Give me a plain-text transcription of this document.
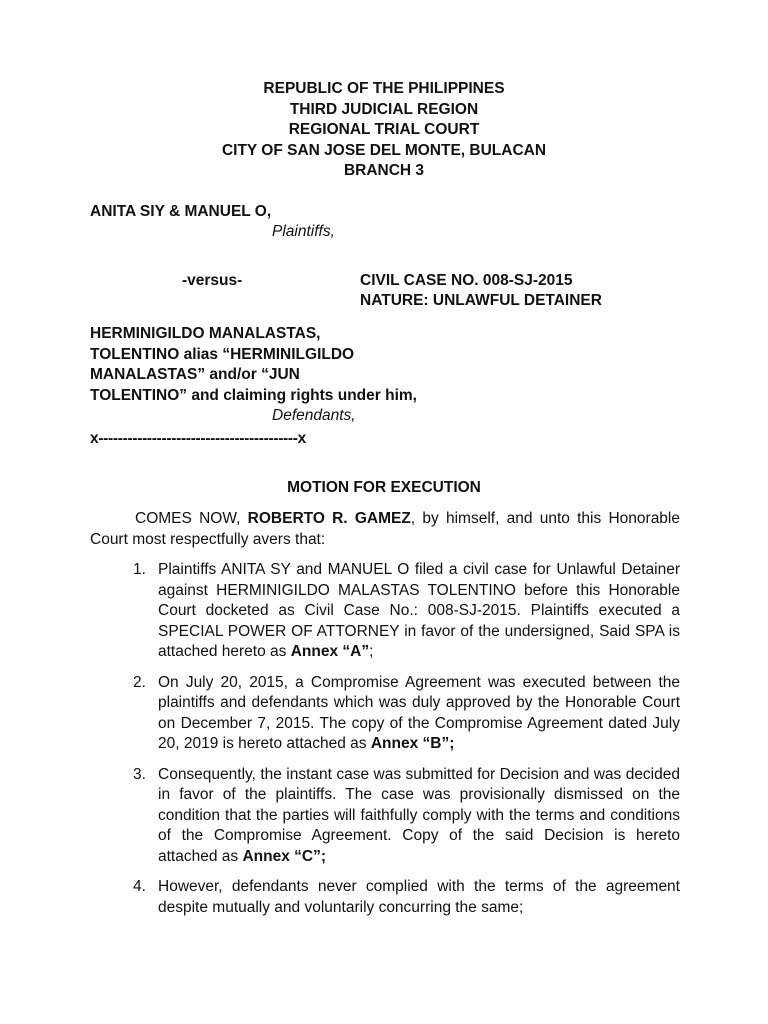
REPUBLIC OF THE PHILIPPINES
THIRD JUDICIAL REGION
REGIONAL TRIAL COURT
CITY OF SAN JOSE DEL MONTE, BULACAN
BRANCH 3
ANITA SIY & MANUEL O,
Plaintiffs,
-versus-	CIVIL CASE NO. 008-SJ-2015
NATURE: UNLAWFUL DETAINER
HERMINIGILDO MANALASTAS,
TOLENTINO alias “HERMINILGILDO
MANALASTAS” and/or “JUN
TOLENTINO” and claiming rights under him,
Defendants,
x-----------------------------------------x
MOTION FOR EXECUTION
COMES NOW, ROBERTO R. GAMEZ, by himself, and unto this Honorable Court most respectfully avers that:
1. Plaintiffs ANITA SY and MANUEL O filed a civil case for Unlawful Detainer against HERMINIGILDO MALASTAS TOLENTINO before this Honorable Court docketed as Civil Case No.: 008-SJ-2015. Plaintiffs executed a SPECIAL POWER OF ATTORNEY in favor of the undersigned, Said SPA is attached hereto as Annex “A”;
2. On July 20, 2015, a Compromise Agreement was executed between the plaintiffs and defendants which was duly approved by the Honorable Court on December 7, 2015. The copy of the Compromise Agreement dated July 20, 2019 is hereto attached as Annex “B”;
3. Consequently, the instant case was submitted for Decision and was decided in favor of the plaintiffs. The case was provisionally dismissed on the condition that the parties will faithfully comply with the terms and conditions of the Compromise Agreement. Copy of the said Decision is hereto attached as Annex “C”;
4. However, defendants never complied with the terms of the agreement despite mutually and voluntarily concurring the same;
